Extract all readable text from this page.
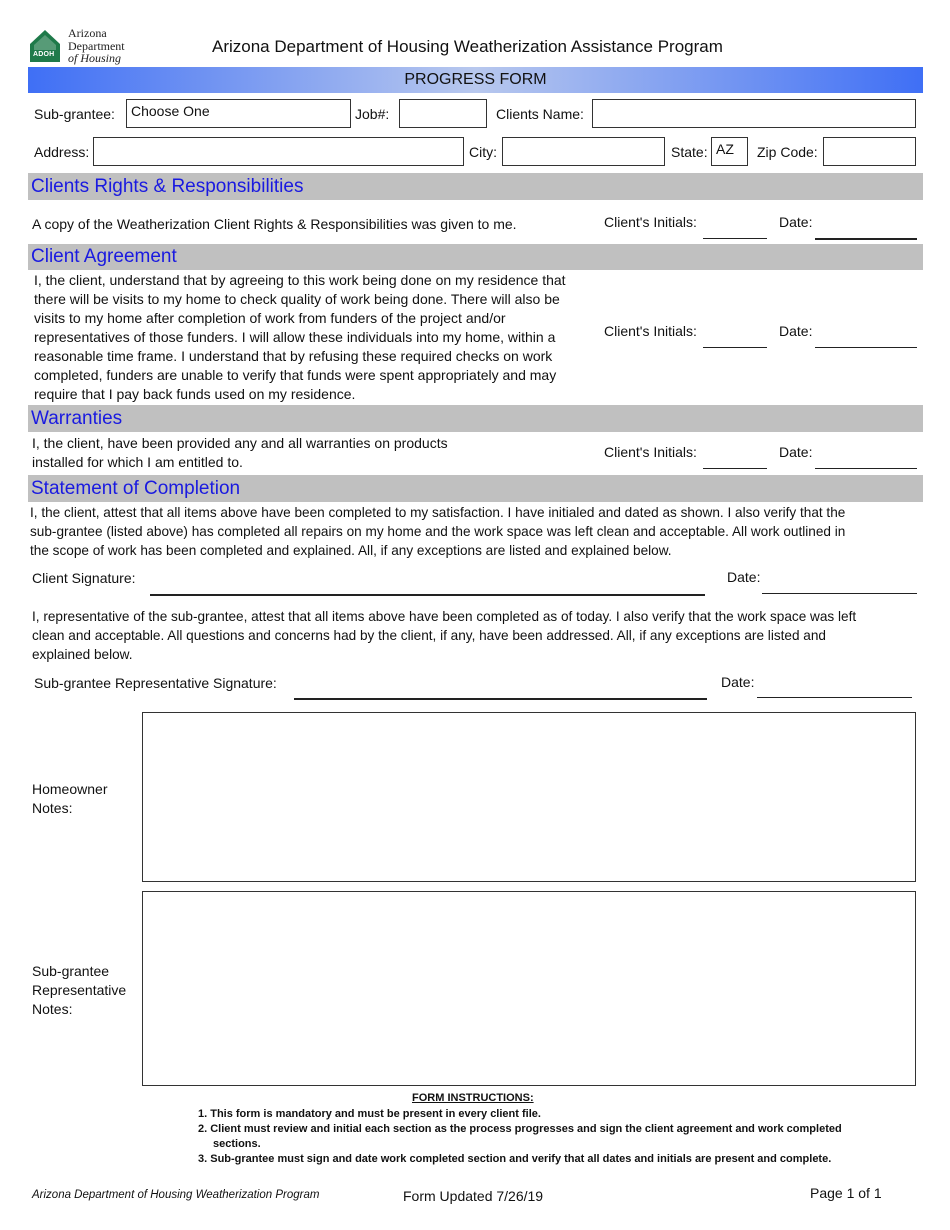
ADOH
Arizona
Department
of Housing
Arizona Department of Housing Weatherization Assistance Program
PROGRESS FORM
Sub-grantee:	Choose One	Job#:	Clients Name:
Address:	City:	State: AZ	Zip Code:
Clients Rights & Responsibilities
A copy of the Weatherization Client Rights & Responsibilities was given to me.	Client's Initials:	Date:
Client Agreement
I, the client, understand that by agreeing to this work being done on my residence that
there will be visits to my home to check quality of work being done. There will also be
visits to my home after completion of work from funders of the project and/or
representatives of those funders. I will allow these individuals into my home, within a
reasonable time frame. I understand that by refusing these required checks on work
completed, funders are unable to verify that funds were spent appropriately and may
require that I pay back funds used on my residence.
Client's Initials:	Date:
Warranties
I, the client, have been provided any and all warranties on products
installed for which I am entitled to.
Client's Initials:	Date:
Statement of Completion
I, the client, attest that all items above have been completed to my satisfaction. I have initialed and dated as shown. I also verify that the
sub-grantee (listed above) has completed all repairs on my home and the work space was left clean and acceptable. All work outlined in
the scope of work has been completed and explained. All, if any exceptions are listed and explained below.
Client Signature:	Date:
I, representative of the sub-grantee, attest that all items above have been completed as of today. I also verify that the work space was left
clean and acceptable. All questions and concerns had by the client, if any, have been addressed. All, if any exceptions are listed and
explained below.
Sub-grantee Representative Signature:	Date:
Homeowner
Notes:
Sub-grantee
Representative
Notes:
FORM INSTRUCTIONS:
1. This form is mandatory and must be present in every client file.
2. Client must review and initial each section as the process progresses and sign the client agreement and work completed
sections.
3. Sub-grantee must sign and date work completed section and verify that all dates and initials are present and complete.
Arizona Department of Housing Weatherization Program	Form Updated 7/26/19	Page 1 of 1
